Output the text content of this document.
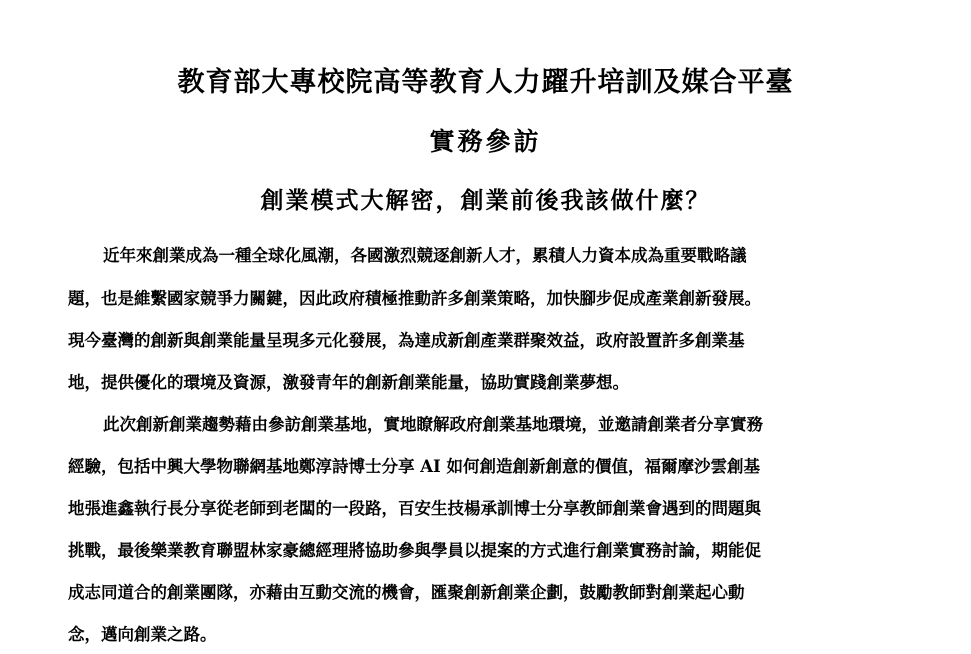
教育部大專校院高等教育人力躍升培訓及媒合平臺
實務參訪
創業模式大解密，創業前後我該做什麼？
近年來創業成為一種全球化風潮，各國激烈競逐創新人才，累積人力資本成為重要戰略議
題，也是維繫國家競爭力關鍵，因此政府積極推動許多創業策略，加快腳步促成產業創新發展。
現今臺灣的創新與創業能量呈現多元化發展，為達成新創產業群聚效益，政府設置許多創業基
地，提供優化的環境及資源，激發青年的創新創業能量，協助實踐創業夢想。
此次創新創業趨勢藉由參訪創業基地，實地瞭解政府創業基地環境，並邀請創業者分享實務
經驗，包括中興大學物聯網基地鄭淳詩博士分享 AI 如何創造創新創意的價值，福爾摩沙雲創基
地張進鑫執行長分享從老師到老闆的一段路，百安生技楊承訓博士分享教師創業會遇到的問題與
挑戰，最後樂業教育聯盟林家豪總經理將協助參與學員以提案的方式進行創業實務討論，期能促
成志同道合的創業團隊，亦藉由互動交流的機會，匯聚創新創業企劃，鼓勵教師對創業起心動
念，邁向創業之路。
